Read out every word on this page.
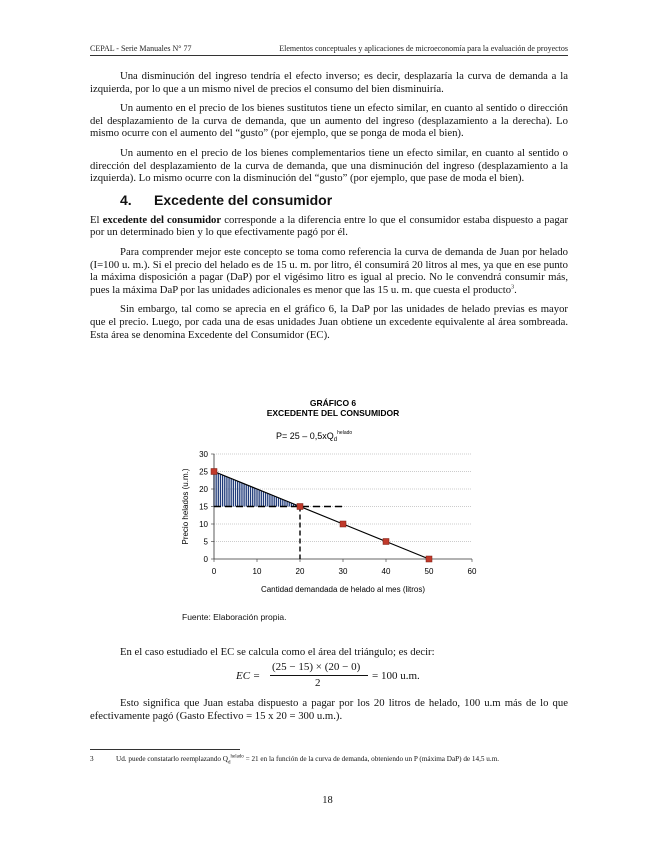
CEPAL - Serie Manuales N° 77	Elementos conceptuales y aplicaciones de microeconomía para la evaluación de proyectos

Una disminución del ingreso tendría el efecto inverso; es decir, desplazaría la curva de demanda a la izquierda, por lo que a un mismo nivel de precios el consumo del bien disminuiría.

Un aumento en el precio de los bienes sustitutos tiene un efecto similar, en cuanto al sentido o dirección del desplazamiento de la curva de demanda, que un aumento del ingreso (desplazamiento a la derecha). Lo mismo ocurre con el aumento del “gusto” (por ejemplo, que se ponga de moda el bien).

Un aumento en el precio de los bienes complementarios tiene un efecto similar, en cuanto al sentido o dirección del desplazamiento de la curva de demanda, que una disminución del ingreso (desplazamiento a la izquierda). Lo mismo ocurre con la disminución del “gusto” (por ejemplo, que pase de moda el bien).

4. Excedente del consumidor

El excedente del consumidor corresponde a la diferencia entre lo que el consumidor estaba dispuesto a pagar por un determinado bien y lo que efectivamente pagó por él.

Para comprender mejor este concepto se toma como referencia la curva de demanda de Juan por helado (I=100 u. m.). Si el precio del helado es de 15 u. m. por litro, él consumirá 20 litros al mes, ya que en ese punto la máxima disposición a pagar (DaP) por el vigésimo litro es igual al precio. No le convendrá consumir más, pues la máxima DaP por las unidades adicionales es menor que las 15 u. m. que cuesta el producto$^3$.

Sin embargo, tal como se aprecia en el gráfico 6, la DaP por las unidades de helado previas es mayor que el precio. Luego, por cada una de esas unidades Juan obtiene un excedente equivalente al área sombreada. Esta área se denomina Excedente del Consumidor (EC).

GRÁFICO 6
EXCEDENTE DEL CONSUMIDOR
$P= 25 - 0,5xQ_d^{helado}$
0	10	20	30	40	50	60
0
5
10
15
20
25
30
Cantidad demandada de helado al mes (litros)
Precio helados (u.m.)
Fuente: Elaboración propia.

En el caso estudiado el EC se calcula como el área del triángulo; es decir:

EC =
(25 − 15) × (20 − 0)
2
= 100 u.m.

Esto significa que Juan estaba dispuesto a pagar por los 20 litros de helado, 100 u.m más de lo que efectivamente pagó (Gasto Efectivo = 15 x 20 = 300 u.m.).

3	Ud. puede constatarlo reemplazando $Q_d^{helado} = 21$ en la función de la curva de demanda, obteniendo un P (máxima DaP) de 14,5 u.m.
18
